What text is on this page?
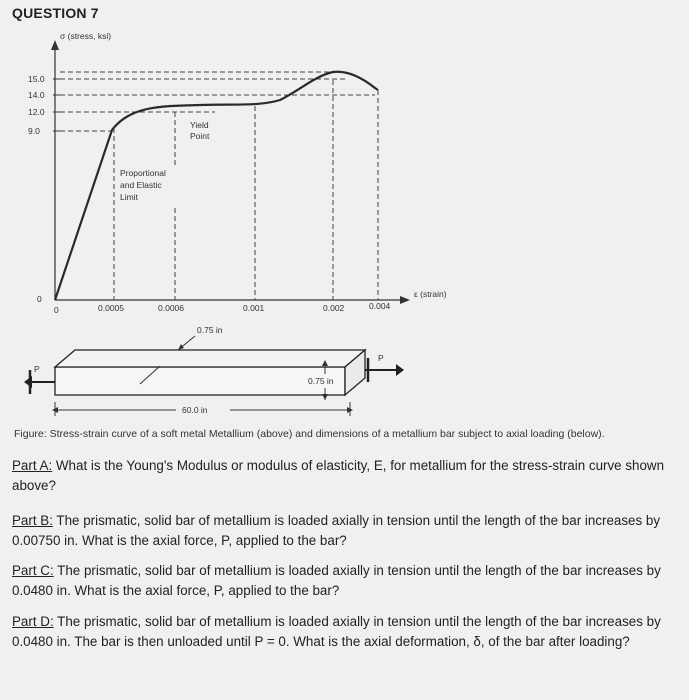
QUESTION 7
σ (stress, ksi)
ε (strain)
15.0
14.0
12.0
9.0
0
Proportional
and Elastic
Limit
Yield
Point
0	0.0005	0.0006	0.001	0.002	0.004
0.75 in
0.75 in
60.0 in
P
P
Figure: Stress-strain curve of a soft metal Metallium (above) and dimensions of a metallium bar subject to axial loading (below).
Part A: What is the Young's Modulus or modulus of elasticity, E, for metallium for the stress-strain curve shown above?
Part B: The prismatic, solid bar of metallium is loaded axially in tension until the length of the bar increases by 0.00750 in. What is the axial force, P, applied to the bar?
Part C: The prismatic, solid bar of metallium is loaded axially in tension until the length of the bar increases by 0.0480 in. What is the axial force, P, applied to the bar?
Part D: The prismatic, solid bar of metallium is loaded axially in tension until the length of the bar increases by 0.0480 in. The bar is then unloaded until P = 0. What is the axial deformation, δ, of the bar after loading?
